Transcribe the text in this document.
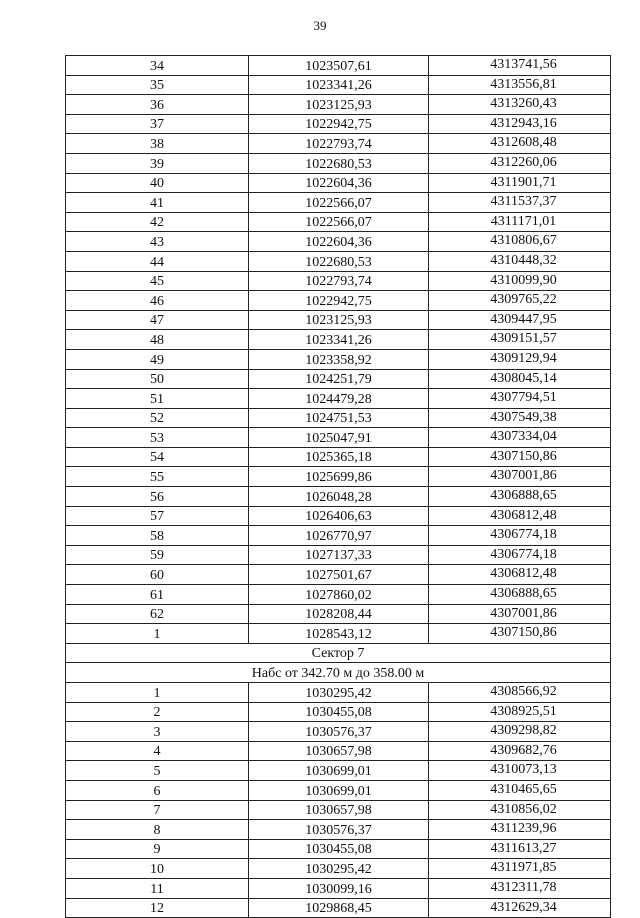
39
34	1023507,61	4313741,56
35	1023341,26	4313556,81
36	1023125,93	4313260,43
37	1022942,75	4312943,16
38	1022793,74	4312608,48
39	1022680,53	4312260,06
40	1022604,36	4311901,71
41	1022566,07	4311537,37
42	1022566,07	4311171,01
43	1022604,36	4310806,67
44	1022680,53	4310448,32
45	1022793,74	4310099,90
46	1022942,75	4309765,22
47	1023125,93	4309447,95
48	1023341,26	4309151,57
49	1023358,92	4309129,94
50	1024251,79	4308045,14
51	1024479,28	4307794,51
52	1024751,53	4307549,38
53	1025047,91	4307334,04
54	1025365,18	4307150,86
55	1025699,86	4307001,86
56	1026048,28	4306888,65
57	1026406,63	4306812,48
58	1026770,97	4306774,18
59	1027137,33	4306774,18
60	1027501,67	4306812,48
61	1027860,02	4306888,65
62	1028208,44	4307001,86
1	1028543,12	4307150,86
Сектор 7		
Набс от 342.70 м до 358.00 м		
1	1030295,42	4308566,92
2	1030455,08	4308925,51
3	1030576,37	4309298,82
4	1030657,98	4309682,76
5	1030699,01	4310073,13
6	1030699,01	4310465,65
7	1030657,98	4310856,02
8	1030576,37	4311239,96
9	1030455,08	4311613,27
10	1030295,42	4311971,85
11	1030099,16	4312311,78
12	1029868,45	4312629,34
